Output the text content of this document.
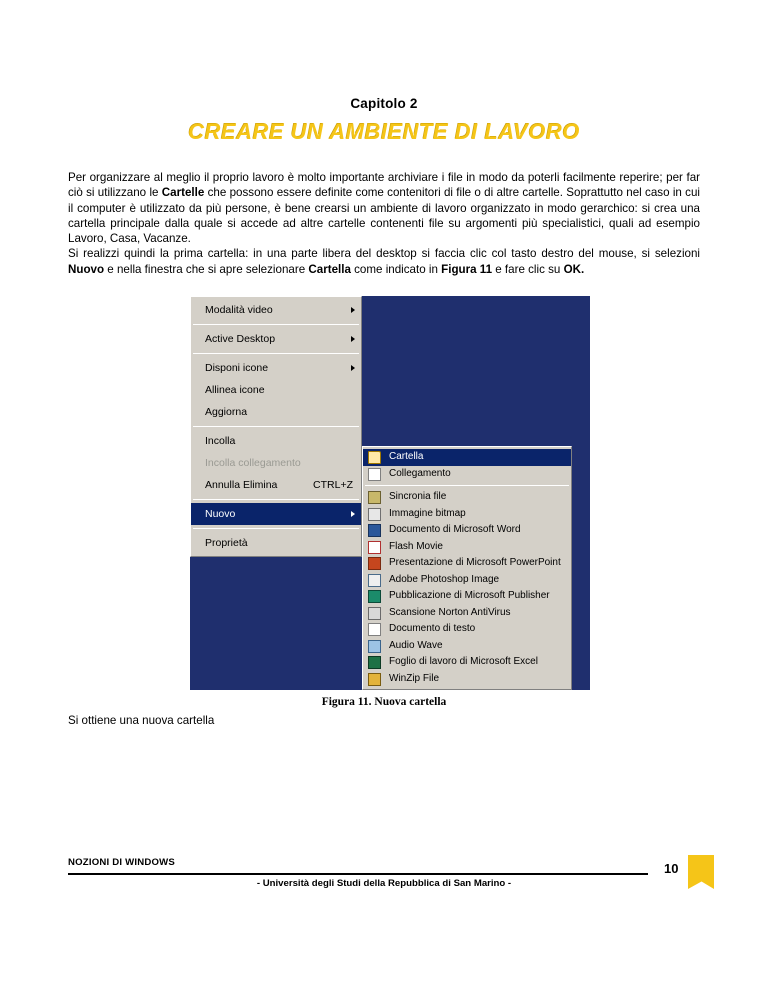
Capitolo 2
CREARE UN AMBIENTE DI LAVORO

Per organizzare al meglio il proprio lavoro è molto importante archiviare i file in modo da poterli facilmente reperire; per far ciò si utilizzano le Cartelle che possono essere definite come contenitori di file o di altre cartelle. Soprattutto nel caso in cui il computer è utilizzato da più persone, è bene crearsi un ambiente di lavoro organizzato in modo gerarchico: si crea una cartella principale dalla quale si accede ad altre cartelle contenenti file su argomenti più specialistici, quali ad esempio Lavoro, Casa, Vacanze.

Si realizzi quindi la prima cartella: in una parte libera del desktop si faccia clic col tasto destro del mouse, si selezioni Nuovo e nella finestra che si apre selezionare Cartella come indicato in Figura 11 e fare clic su OK.

Modalità video
Active Desktop
Disponi icone
Allinea icone
Aggiorna
Incolla
Incolla collegamento
Annulla Elimina	CTRL+Z
Nuovo
Proprietà
Cartella
Collegamento
Sincronia file
Immagine bitmap
Documento di Microsoft Word
Flash Movie
Presentazione di Microsoft PowerPoint
Adobe Photoshop Image
Pubblicazione di Microsoft Publisher
Scansione Norton AntiVirus
Documento di testo
Audio Wave
Foglio di lavoro di Microsoft Excel
WinZip File
Figura 11. Nuova cartella
Si ottiene una nuova cartella
NOZIONI DI WINDOWS
- Università degli Studi della Repubblica di San Marino -
10
